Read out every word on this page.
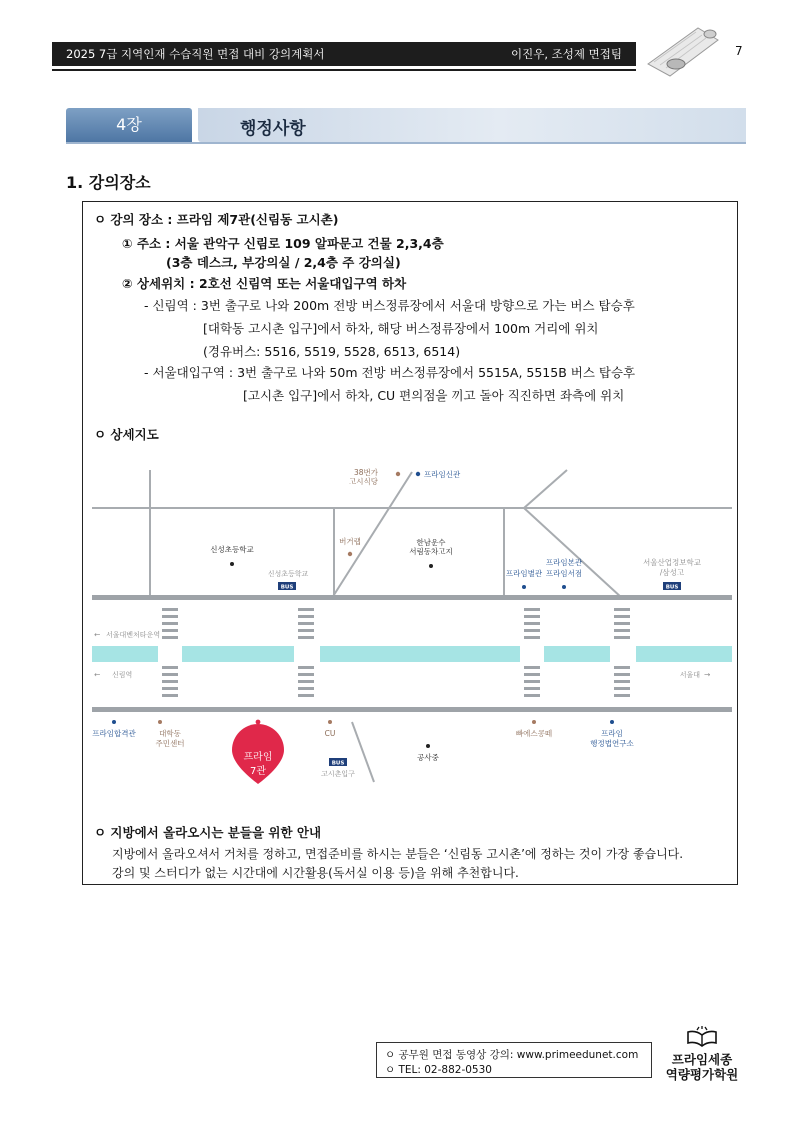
2025 7급 지역인재 수습직원 면접 대비 강의계획서	이진우, 조성제 면접팀	7
4장	행정사항
1. 강의장소
ㅇ 강의 장소 : 프라임 제7관(신림동 고시촌)
① 주소 : 서울 관악구 신림로 109 알파문고 건물 2,3,4층
(3층 데스크, 부강의실 / 2,4층 주 강의실)
② 상세위치 : 2호선 신림역 또는 서울대입구역 하차
- 신림역 : 3번 출구로 나와 200m 전방 버스정류장에서 서울대 방향으로 가는 버스 탑승후
[대학동 고시촌 입구]에서 하차, 해당 버스정류장에서 100m 거리에 위치
(경유버스: 5516, 5519, 5528, 6513, 6514)
- 서울대입구역 : 3번 출구로 나와 50m 전방 버스정류장에서 5515A, 5515B 버스 탑승후
[고시촌 입구]에서 하차, CU 편의점을 끼고 돌아 직진하면 좌측에 위치
ㅇ 상세지도
38번가
고시식당
버거랩
프라임신관
신성초등학교
한남운수
서림동차고지
신성초등학교
BUS
프라임별관
프라임본관
프라임서점
서울산업정보학교
/삼성고
BUS
← 서울대벤처타운역
← 신림역	서울대 →
프라임합격관	대학동
주민센터
프라임
7관
CU
BUS
고시촌입구
공사중
빠에스콩떼	프라임
행정법연구소
ㅇ 지방에서 올라오시는 분들을 위한 안내
지방에서 올라오셔서 거처를 정하고, 면접준비를 하시는 분들은 ‘신림동 고시촌’에 정하는 것이 가장 좋습니다.
강의 및 스터디가 없는 시간대에 시간활용(독서실 이용 등)을 위해 추천합니다.
ㅇ 공무원 면접 동영상 강의: www.primeedunet.com
ㅇ TEL: 02-882-0530
프라임세종
역량평가학원
